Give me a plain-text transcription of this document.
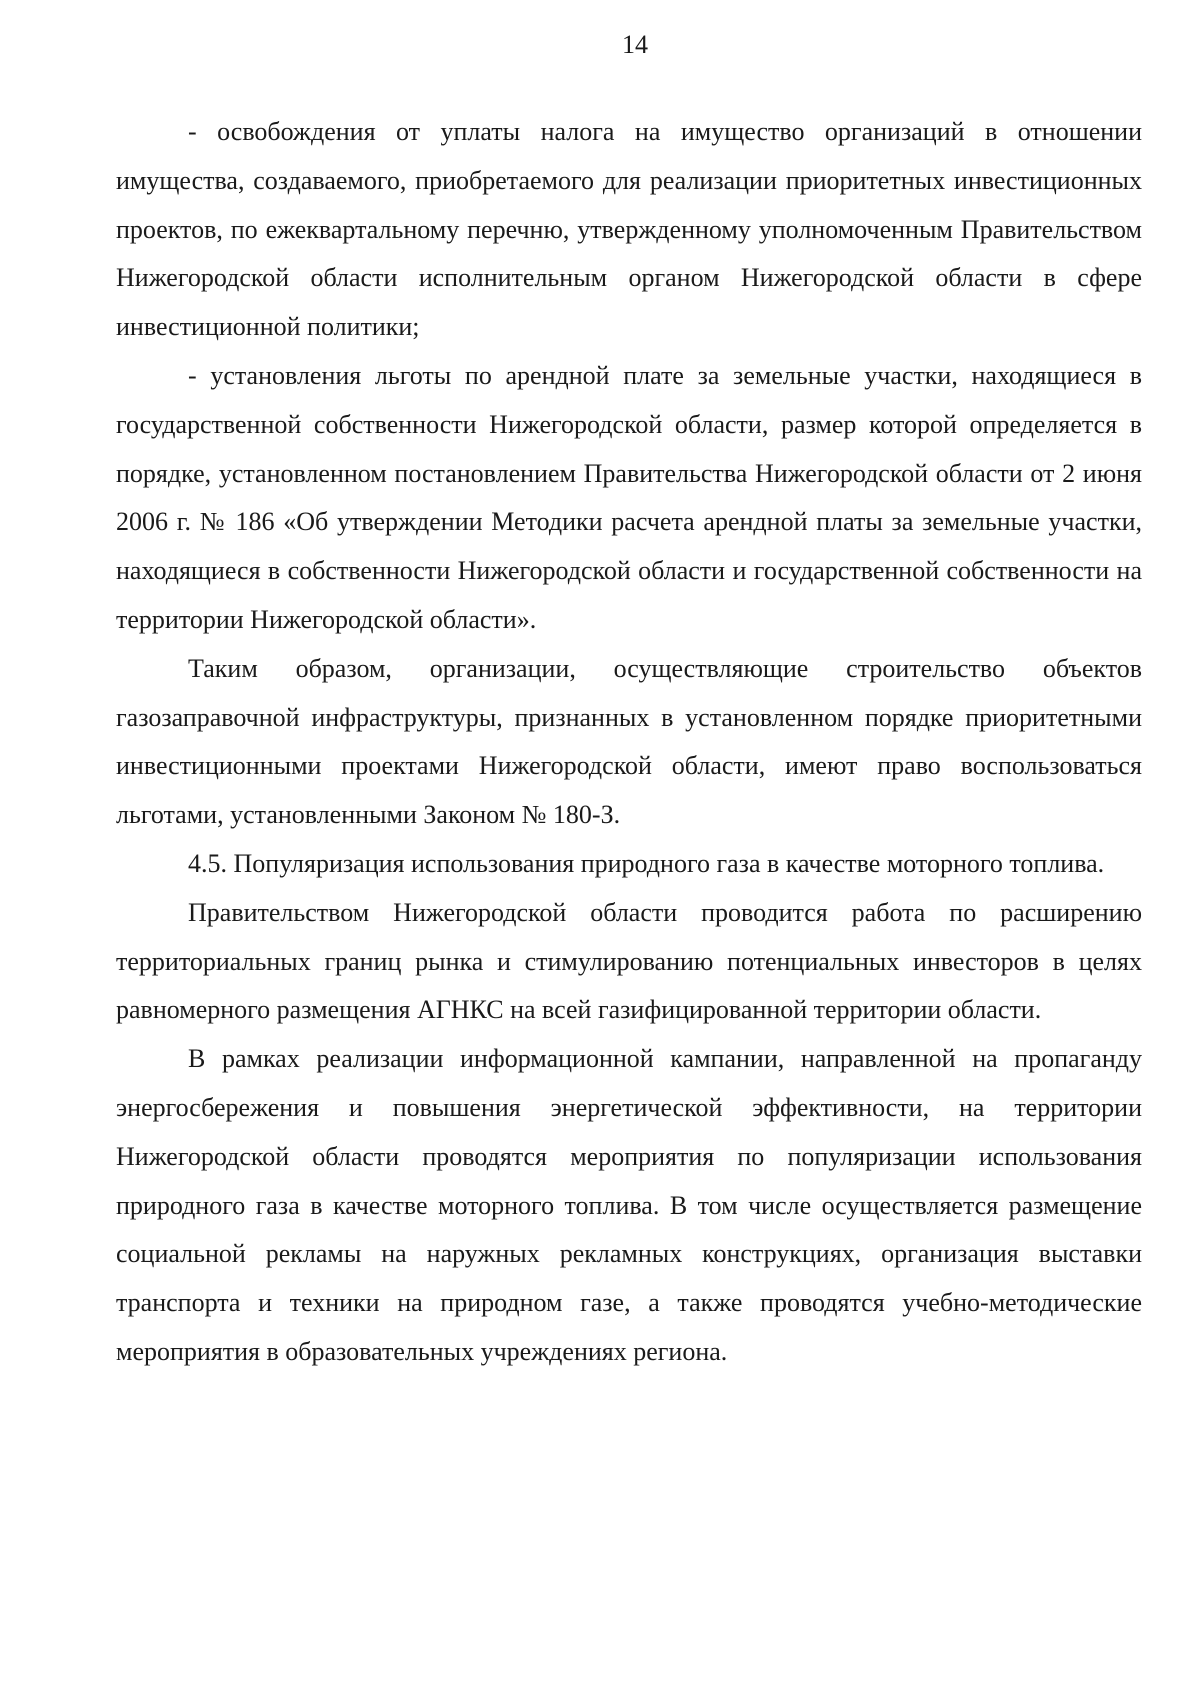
14

- освобождения от уплаты налога на имущество организаций в отношении имущества, создаваемого, приобретаемого для реализации приоритетных инвестиционных проектов, по ежеквартальному перечню, утвержденному уполномоченным Правительством Нижегородской области исполнительным органом Нижегородской области в сфере инвестиционной политики;

- установления льготы по арендной плате за земельные участки, находящиеся в государственной собственности Нижегородской области, размер которой определяется в порядке, установленном постановлением Правительства Нижегородской области от 2 июня 2006 г. № 186 «Об утверждении Методики расчета арендной платы за земельные участки, находящиеся в собственности Нижегородской области и государственной собственности на территории Нижегородской области».

Таким образом, организации, осуществляющие строительство объектов газозаправочной инфраструктуры, признанных в установленном порядке приоритетными инвестиционными проектами Нижегородской области, имеют право воспользоваться льготами, установленными Законом № 180-З.

4.5. Популяризация использования природного газа в качестве моторного топлива.

Правительством Нижегородской области проводится работа по расширению территориальных границ рынка и стимулированию потенциальных инвесторов в целях равномерного размещения АГНКС на всей газифицированной территории области.

В рамках реализации информационной кампании, направленной на пропаганду энергосбережения и повышения энергетической эффективности, на территории Нижегородской области проводятся мероприятия по популяризации использования природного газа в качестве моторного топлива. В том числе осуществляется размещение социальной рекламы на наружных рекламных конструкциях, организация выставки транспорта и техники на природном газе, а также проводятся учебно-методические мероприятия в образовательных учреждениях региона.
